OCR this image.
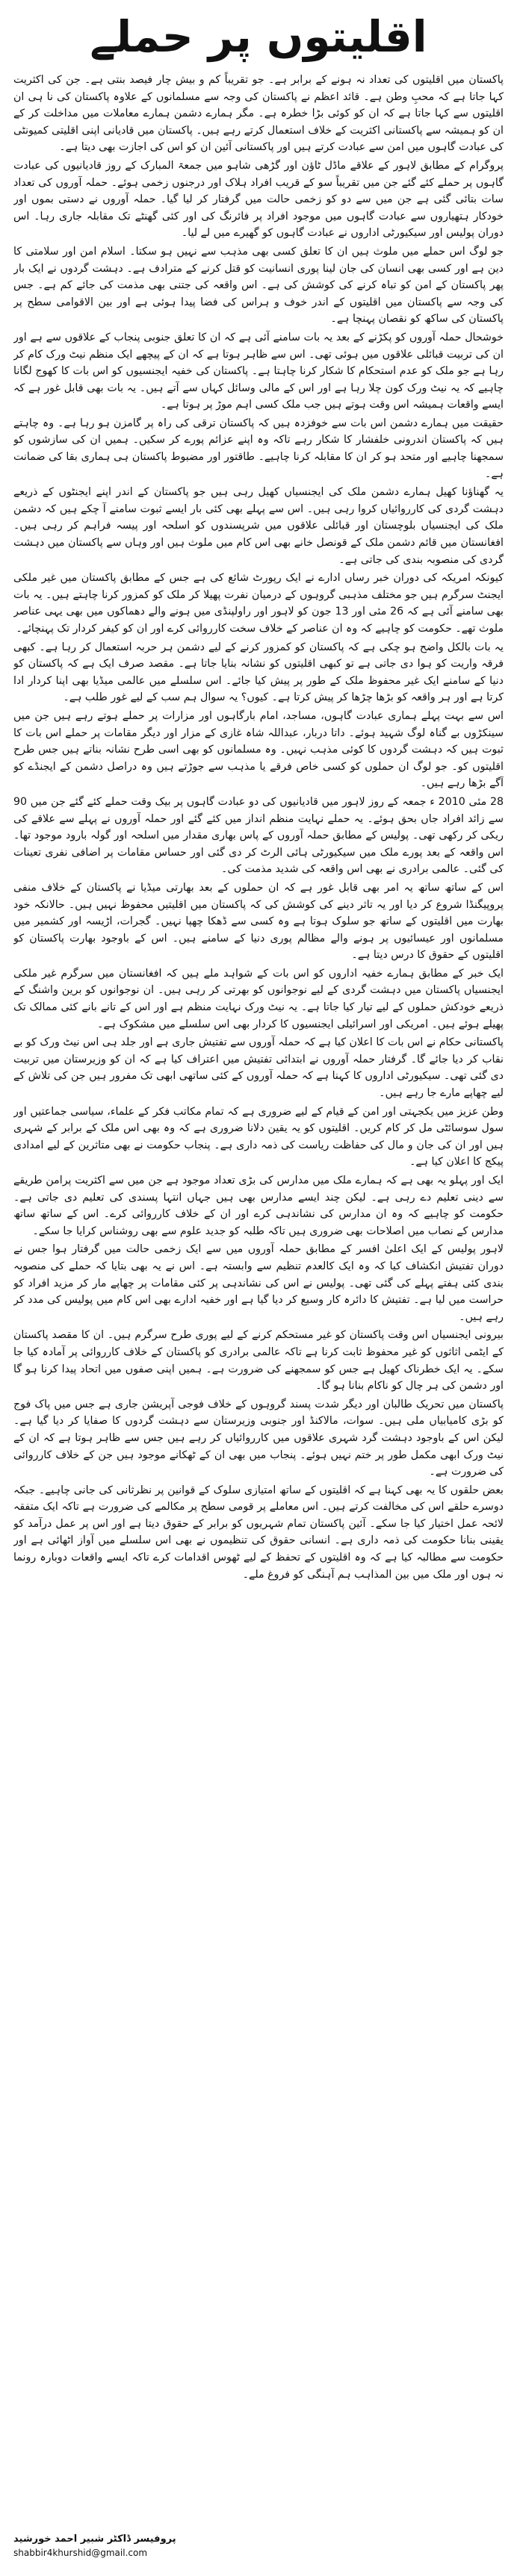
اقلیتوں پر حملے

پاکستان میں اقلیتوں کی تعداد نہ ہونے کے برابر ہے۔ جو تقریباً کم و بیش چار فیصد بنتی ہے۔ جن کی اکثریت کہا جاتا ہے کہ محبِ وطن ہے۔ قائد اعظم نے پاکستان کی وجہ سے مسلمانوں کے علاوہ پاکستان کی نا ہی ان اقلیتوں سے کہا جاتا ہے کہ ان کو کوئی بڑا خطرہ ہے۔ مگر ہمارے دشمن ہمارے معاملات میں مداخلت کر کے ان کو ہمیشہ سے پاکستانی اکثریت کے خلاف استعمال کرتے رہے ہیں۔ پاکستان میں قادیانی اپنی اقلیتی کمیونٹی کی عبادت گاہوں میں امن سے عبادت کرتے ہیں اور پاکستانی آئین ان کو اس کی اجازت بھی دیتا ہے۔

پروگرام کے مطابق لاہور کے علاقے ماڈل ٹاؤن اور گڑھی شاہو میں جمعۃ المبارک کے روز قادیانیوں کی عبادت گاہوں پر حملے کئے گئے جن میں تقریباً سو کے قریب افراد ہلاک اور درجنوں زخمی ہوئے۔ حملہ آوروں کی تعداد سات بتائی گئی ہے جن میں سے دو کو زخمی حالت میں گرفتار کر لیا گیا۔ حملہ آوروں نے دستی بموں اور خودکار ہتھیاروں سے عبادت گاہوں میں موجود افراد پر فائرنگ کی اور کئی گھنٹے تک مقابلہ جاری رہا۔ اس دوران پولیس اور سیکیورٹی اداروں نے عبادت گاہوں کو گھیرے میں لے لیا۔

جو لوگ اس حملے میں ملوث ہیں ان کا تعلق کسی بھی مذہب سے نہیں ہو سکتا۔ اسلام امن اور سلامتی کا دین ہے اور کسی بھی انسان کی جان لینا پوری انسانیت کو قتل کرنے کے مترادف ہے۔ دہشت گردوں نے ایک بار پھر پاکستان کے امن کو تباہ کرنے کی کوشش کی ہے۔ اس واقعہ کی جتنی بھی مذمت کی جائے کم ہے۔ جس کی وجہ سے پاکستان میں اقلیتوں کے اندر خوف و ہراس کی فضا پیدا ہوئی ہے اور بین الاقوامی سطح پر پاکستان کی ساکھ کو نقصان پہنچا ہے۔

خوشحال حملہ آوروں کو پکڑنے کے بعد یہ بات سامنے آئی ہے کہ ان کا تعلق جنوبی پنجاب کے علاقوں سے ہے اور ان کی تربیت قبائلی علاقوں میں ہوئی تھی۔ اس سے ظاہر ہوتا ہے کہ ان کے پیچھے ایک منظم نیٹ ورک کام کر رہا ہے جو ملک کو عدم استحکام کا شکار کرنا چاہتا ہے۔ پاکستان کی خفیہ ایجنسیوں کو اس بات کا کھوج لگانا چاہیے کہ یہ نیٹ ورک کون چلا رہا ہے اور اس کے مالی وسائل کہاں سے آتے ہیں۔ یہ بات بھی قابل غور ہے کہ ایسے واقعات ہمیشہ اس وقت ہوتے ہیں جب ملک کسی اہم موڑ پر ہوتا ہے۔

حقیقت میں ہمارے دشمن اس بات سے خوفزدہ ہیں کہ پاکستان ترقی کی راہ پر گامزن ہو رہا ہے۔ وہ چاہتے ہیں کہ پاکستان اندرونی خلفشار کا شکار رہے تاکہ وہ اپنے عزائم پورے کر سکیں۔ ہمیں ان کی سازشوں کو سمجھنا چاہیے اور متحد ہو کر ان کا مقابلہ کرنا چاہیے۔ طاقتور اور مضبوط پاکستان ہی ہماری بقا کی ضمانت ہے۔

یہ گھناؤنا کھیل ہمارے دشمن ملک کی ایجنسیاں کھیل رہی ہیں جو پاکستان کے اندر اپنے ایجنٹوں کے ذریعے دہشت گردی کی کارروائیاں کروا رہی ہیں۔ اس سے پہلے بھی کئی بار ایسے ثبوت سامنے آ چکے ہیں کہ دشمن ملک کی ایجنسیاں بلوچستان اور قبائلی علاقوں میں شرپسندوں کو اسلحہ اور پیسہ فراہم کر رہی ہیں۔ افغانستان میں قائم دشمن ملک کے قونصل خانے بھی اس کام میں ملوث ہیں اور وہاں سے پاکستان میں دہشت گردی کی منصوبہ بندی کی جاتی ہے۔

کیونکہ امریکہ کی دوران خبر رساں ادارے نے ایک رپورٹ شائع کی ہے جس کے مطابق پاکستان میں غیر ملکی ایجنٹ سرگرم ہیں جو مختلف مذہبی گروہوں کے درمیان نفرت پھیلا کر ملک کو کمزور کرنا چاہتے ہیں۔ یہ بات بھی سامنے آئی ہے کہ 26 مئی اور 13 جون کو لاہور اور راولپنڈی میں ہونے والے دھماکوں میں بھی یہی عناصر ملوث تھے۔ حکومت کو چاہیے کہ وہ ان عناصر کے خلاف سخت کارروائی کرے اور ان کو کیفر کردار تک پہنچائے۔

یہ بات بالکل واضح ہو چکی ہے کہ پاکستان کو کمزور کرنے کے لیے دشمن ہر حربہ استعمال کر رہا ہے۔ کبھی فرقہ واریت کو ہوا دی جاتی ہے تو کبھی اقلیتوں کو نشانہ بنایا جاتا ہے۔ مقصد صرف ایک ہے کہ پاکستان کو دنیا کے سامنے ایک غیر محفوظ ملک کے طور پر پیش کیا جائے۔ اس سلسلے میں عالمی میڈیا بھی اپنا کردار ادا کرتا ہے اور ہر واقعہ کو بڑھا چڑھا کر پیش کرتا ہے۔ کیوں؟ یہ سوال ہم سب کے لیے غور طلب ہے۔

اس سے بہت پہلے ہماری عبادت گاہوں، مساجد، امام بارگاہوں اور مزارات پر حملے ہوتے رہے ہیں جن میں سینکڑوں بے گناہ لوگ شہید ہوئے۔ داتا دربار، عبداللہ شاہ غازی کے مزار اور دیگر مقامات پر حملے اس بات کا ثبوت ہیں کہ دہشت گردوں کا کوئی مذہب نہیں۔ وہ مسلمانوں کو بھی اسی طرح نشانہ بناتے ہیں جس طرح اقلیتوں کو۔ جو لوگ ان حملوں کو کسی خاص فرقے یا مذہب سے جوڑتے ہیں وہ دراصل دشمن کے ایجنڈے کو آگے بڑھا رہے ہیں۔

28 مئی 2010 ء جمعہ کے روز لاہور میں قادیانیوں کی دو عبادت گاہوں پر بیک وقت حملے کئے گئے جن میں 90 سے زائد افراد جاں بحق ہوئے۔ یہ حملے نہایت منظم انداز میں کئے گئے اور حملہ آوروں نے پہلے سے علاقے کی ریکی کر رکھی تھی۔ پولیس کے مطابق حملہ آوروں کے پاس بھاری مقدار میں اسلحہ اور گولہ بارود موجود تھا۔ اس واقعہ کے بعد پورے ملک میں سیکیورٹی ہائی الرٹ کر دی گئی اور حساس مقامات پر اضافی نفری تعینات کی گئی۔ عالمی برادری نے بھی اس واقعہ کی شدید مذمت کی۔

اس کے ساتھ ساتھ یہ امر بھی قابل غور ہے کہ ان حملوں کے بعد بھارتی میڈیا نے پاکستان کے خلاف منفی پروپیگنڈا شروع کر دیا اور یہ تاثر دینے کی کوشش کی کہ پاکستان میں اقلیتیں محفوظ نہیں ہیں۔ حالانکہ خود بھارت میں اقلیتوں کے ساتھ جو سلوک ہوتا ہے وہ کسی سے ڈھکا چھپا نہیں۔ گجرات، اڑیسہ اور کشمیر میں مسلمانوں اور عیسائیوں پر ہونے والے مظالم پوری دنیا کے سامنے ہیں۔ اس کے باوجود بھارت پاکستان کو اقلیتوں کے حقوق کا درس دیتا ہے۔

ایک خبر کے مطابق ہمارے خفیہ اداروں کو اس بات کے شواہد ملے ہیں کہ افغانستان میں سرگرم غیر ملکی ایجنسیاں پاکستان میں دہشت گردی کے لیے نوجوانوں کو بھرتی کر رہی ہیں۔ ان نوجوانوں کو برین واشنگ کے ذریعے خودکش حملوں کے لیے تیار کیا جاتا ہے۔ یہ نیٹ ورک نہایت منظم ہے اور اس کے تانے بانے کئی ممالک تک پھیلے ہوئے ہیں۔ امریکی اور اسرائیلی ایجنسیوں کا کردار بھی اس سلسلے میں مشکوک ہے۔

پاکستانی حکام نے اس بات کا اعلان کیا ہے کہ حملہ آوروں سے تفتیش جاری ہے اور جلد ہی اس نیٹ ورک کو بے نقاب کر دیا جائے گا۔ گرفتار حملہ آوروں نے ابتدائی تفتیش میں اعتراف کیا ہے کہ ان کو وزیرستان میں تربیت دی گئی تھی۔ سیکیورٹی اداروں کا کہنا ہے کہ حملہ آوروں کے کئی ساتھی ابھی تک مفرور ہیں جن کی تلاش کے لیے چھاپے مارے جا رہے ہیں۔

وطن عزیز میں یکجہتی اور امن کے قیام کے لیے ضروری ہے کہ تمام مکاتب فکر کے علماء، سیاسی جماعتیں اور سول سوسائٹی مل کر کام کریں۔ اقلیتوں کو یہ یقین دلانا ضروری ہے کہ وہ بھی اس ملک کے برابر کے شہری ہیں اور ان کی جان و مال کی حفاظت ریاست کی ذمہ داری ہے۔ پنجاب حکومت نے بھی متاثرین کے لیے امدادی پیکج کا اعلان کیا ہے۔

ایک اور پہلو یہ بھی ہے کہ ہمارے ملک میں مدارس کی بڑی تعداد موجود ہے جن میں سے اکثریت پرامن طریقے سے دینی تعلیم دے رہی ہے۔ لیکن چند ایسے مدارس بھی ہیں جہاں انتہا پسندی کی تعلیم دی جاتی ہے۔ حکومت کو چاہیے کہ وہ ان مدارس کی نشاندہی کرے اور ان کے خلاف کارروائی کرے۔ اس کے ساتھ ساتھ مدارس کے نصاب میں اصلاحات بھی ضروری ہیں تاکہ طلبہ کو جدید علوم سے بھی روشناس کرایا جا سکے۔

لاہور پولیس کے ایک اعلیٰ افسر کے مطابق حملہ آوروں میں سے ایک زخمی حالت میں گرفتار ہوا جس نے دوران تفتیش انکشاف کیا کہ وہ ایک کالعدم تنظیم سے وابستہ ہے۔ اس نے یہ بھی بتایا کہ حملے کی منصوبہ بندی کئی ہفتے پہلے کی گئی تھی۔ پولیس نے اس کی نشاندہی پر کئی مقامات پر چھاپے مار کر مزید افراد کو حراست میں لیا ہے۔ تفتیش کا دائرہ کار وسیع کر دیا گیا ہے اور خفیہ ادارے بھی اس کام میں پولیس کی مدد کر رہے ہیں۔

بیرونی ایجنسیاں اس وقت پاکستان کو غیر مستحکم کرنے کے لیے پوری طرح سرگرم ہیں۔ ان کا مقصد پاکستان کے ایٹمی اثاثوں کو غیر محفوظ ثابت کرنا ہے تاکہ عالمی برادری کو پاکستان کے خلاف کارروائی پر آمادہ کیا جا سکے۔ یہ ایک خطرناک کھیل ہے جس کو سمجھنے کی ضرورت ہے۔ ہمیں اپنی صفوں میں اتحاد پیدا کرنا ہو گا اور دشمن کی ہر چال کو ناکام بنانا ہو گا۔

پاکستان میں تحریک طالبان اور دیگر شدت پسند گروہوں کے خلاف فوجی آپریشن جاری ہے جس میں پاک فوج کو بڑی کامیابیاں ملی ہیں۔ سوات، مالاکنڈ اور جنوبی وزیرستان سے دہشت گردوں کا صفایا کر دیا گیا ہے۔ لیکن اس کے باوجود دہشت گرد شہری علاقوں میں کارروائیاں کر رہے ہیں جس سے ظاہر ہوتا ہے کہ ان کے نیٹ ورک ابھی مکمل طور پر ختم نہیں ہوئے۔ پنجاب میں بھی ان کے ٹھکانے موجود ہیں جن کے خلاف کارروائی کی ضرورت ہے۔

بعض حلقوں کا یہ بھی کہنا ہے کہ اقلیتوں کے ساتھ امتیازی سلوک کے قوانین پر نظرثانی کی جانی چاہیے۔ جبکہ دوسرے حلقے اس کی مخالفت کرتے ہیں۔ اس معاملے پر قومی سطح پر مکالمے کی ضرورت ہے تاکہ ایک متفقہ لائحہ عمل اختیار کیا جا سکے۔ آئین پاکستان تمام شہریوں کو برابر کے حقوق دیتا ہے اور اس پر عمل درآمد کو یقینی بنانا حکومت کی ذمہ داری ہے۔ انسانی حقوق کی تنظیموں نے بھی اس سلسلے میں آواز اٹھائی ہے اور حکومت سے مطالبہ کیا ہے کہ وہ اقلیتوں کے تحفظ کے لیے ٹھوس اقدامات کرے تاکہ ایسے واقعات دوبارہ رونما نہ ہوں اور ملک میں بین المذاہب ہم آہنگی کو فروغ ملے۔

پروفیسر ڈاکٹر شبیر احمد خورشید
shabbir4khurshid@gmail.com
